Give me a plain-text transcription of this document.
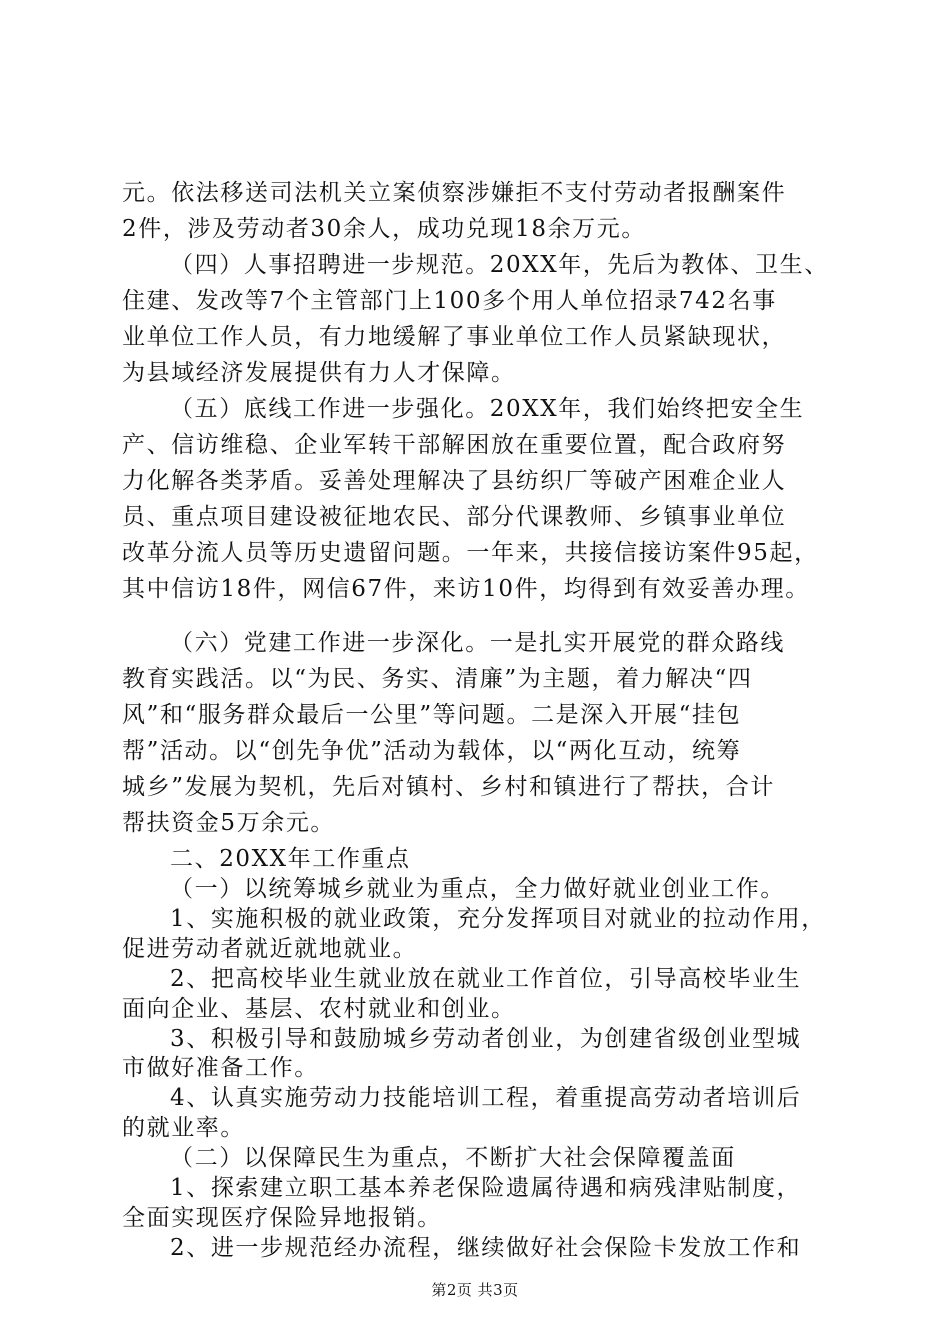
元。依法移送司法机关立案侦察涉嫌拒不支付劳动者报酬案件
2件，涉及劳动者30余人，成功兑现18余万元。
（四）人事招聘进一步规范。20XX年，先后为教体、卫生、
住建、发改等7个主管部门上100多个用人单位招录742名事
业单位工作人员，有力地缓解了事业单位工作人员紧缺现状，
为县域经济发展提供有力人才保障。
（五）底线工作进一步强化。20XX年，我们始终把安全生
产、信访维稳、企业军转干部解困放在重要位置，配合政府努
力化解各类茅盾。妥善处理解决了县纺织厂等破产困难企业人
员、重点项目建设被征地农民、部分代课教师、乡镇事业单位
改革分流人员等历史遗留问题。一年来，共接信接访案件95起，
其中信访18件，网信67件，来访10件，均得到有效妥善办理。
（六）党建工作进一步深化。一是扎实开展党的群众路线
教育实践活。以“为民、务实、清廉”为主题，着力解决“四
风”和“服务群众最后一公里”等问题。二是深入开展“挂包
帮”活动。以“创先争优”活动为载体，以“两化互动，统筹
城乡”发展为契机，先后对镇村、乡村和镇进行了帮扶，合计
帮扶资金5万余元。
二、20XX年工作重点
（一）以统筹城乡就业为重点，全力做好就业创业工作。
1、实施积极的就业政策，充分发挥项目对就业的拉动作用，
促进劳动者就近就地就业。
2、把高校毕业生就业放在就业工作首位，引导高校毕业生
面向企业、基层、农村就业和创业。
3、积极引导和鼓励城乡劳动者创业，为创建省级创业型城
市做好准备工作。
4、认真实施劳动力技能培训工程，着重提高劳动者培训后
的就业率。
（二）以保障民生为重点，不断扩大社会保障覆盖面
1、探索建立职工基本养老保险遗属待遇和病残津贴制度，
全面实现医疗保险异地报销。
2、进一步规范经办流程，继续做好社会保险卡发放工作和
第2页 共3页
